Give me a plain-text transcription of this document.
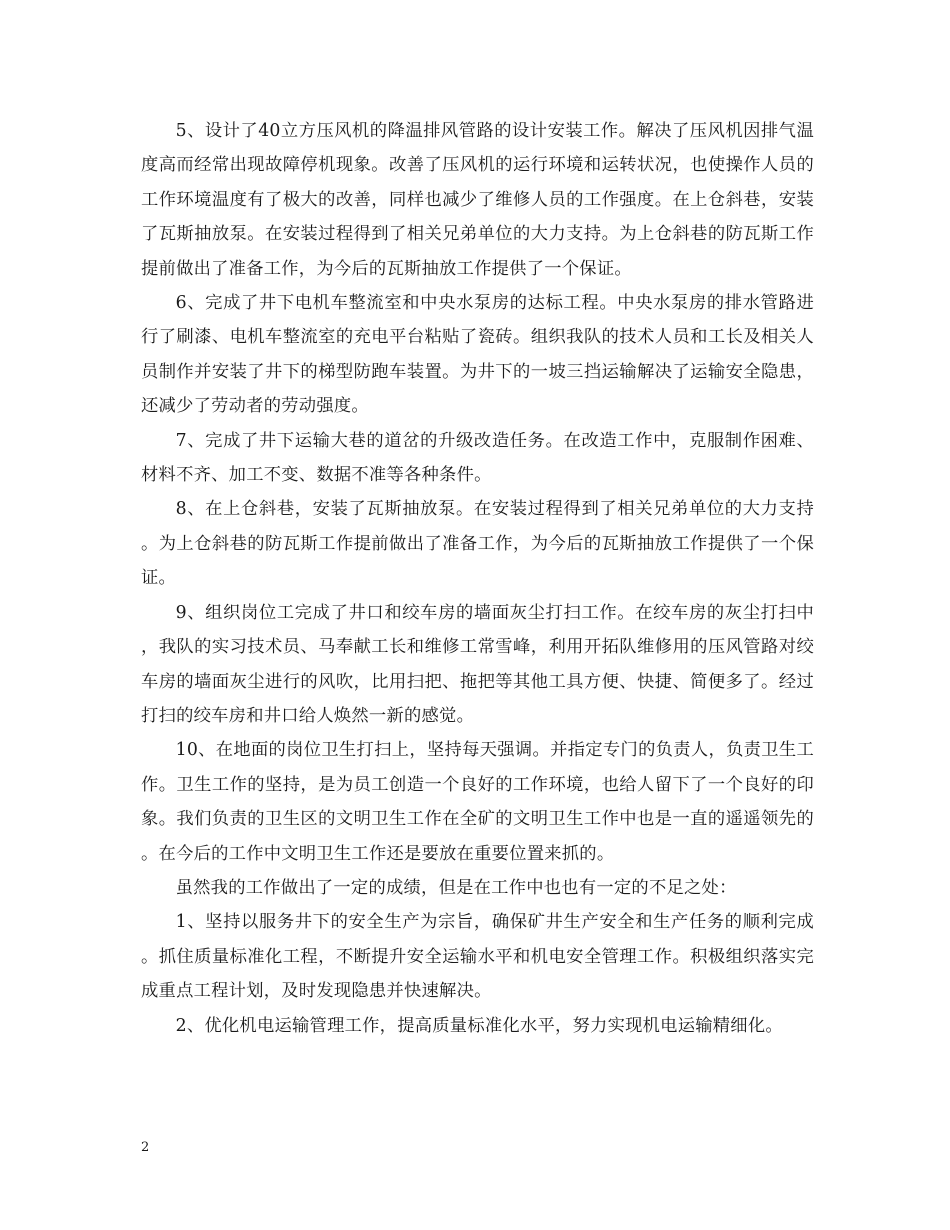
5、设计了40立方压风机的降温排风管路的设计安装工作。解决了压风机因排气温度高而经常出现故障停机现象。改善了压风机的运行环境和运转状况，也使操作人员的工作环境温度有了极大的改善，同样也减少了维修人员的工作强度。在上仓斜巷，安装了瓦斯抽放泵。在安装过程得到了相关兄弟单位的大力支持。为上仓斜巷的防瓦斯工作提前做出了准备工作，为今后的瓦斯抽放工作提供了一个保证。

6、完成了井下电机车整流室和中央水泵房的达标工程。中央水泵房的排水管路进行了刷漆、电机车整流室的充电平台粘贴了瓷砖。组织我队的技术人员和工长及相关人员制作并安装了井下的梯型防跑车装置。为井下的一坡三挡运输解决了运输安全隐患，还减少了劳动者的劳动强度。

7、完成了井下运输大巷的道岔的升级改造任务。在改造工作中，克服制作困难、材料不齐、加工不变、数据不准等各种条件。

8、在上仓斜巷，安装了瓦斯抽放泵。在安装过程得到了相关兄弟单位的大力支持。为上仓斜巷的防瓦斯工作提前做出了准备工作，为今后的瓦斯抽放工作提供了一个保证。

9、组织岗位工完成了井口和绞车房的墙面灰尘打扫工作。在绞车房的灰尘打扫中，我队的实习技术员、马奉献工长和维修工常雪峰，利用开拓队维修用的压风管路对绞车房的墙面灰尘进行的风吹，比用扫把、拖把等其他工具方便、快捷、简便多了。经过打扫的绞车房和井口给人焕然一新的感觉。

10、在地面的岗位卫生打扫上，坚持每天强调。并指定专门的负责人，负责卫生工作。卫生工作的坚持，是为员工创造一个良好的工作环境，也给人留下了一个良好的印象。我们负责的卫生区的文明卫生工作在全矿的文明卫生工作中也是一直的遥遥领先的。在今后的工作中文明卫生工作还是要放在重要位置来抓的。

虽然我的工作做出了一定的成绩，但是在工作中也也有一定的不足之处：

1、坚持以服务井下的安全生产为宗旨，确保矿井生产安全和生产任务的顺利完成。抓住质量标准化工程，不断提升安全运输水平和机电安全管理工作。积极组织落实完成重点工程计划，及时发现隐患并快速解决。

2、优化机电运输管理工作，提高质量标准化水平，努力实现机电运输精细化。

2
